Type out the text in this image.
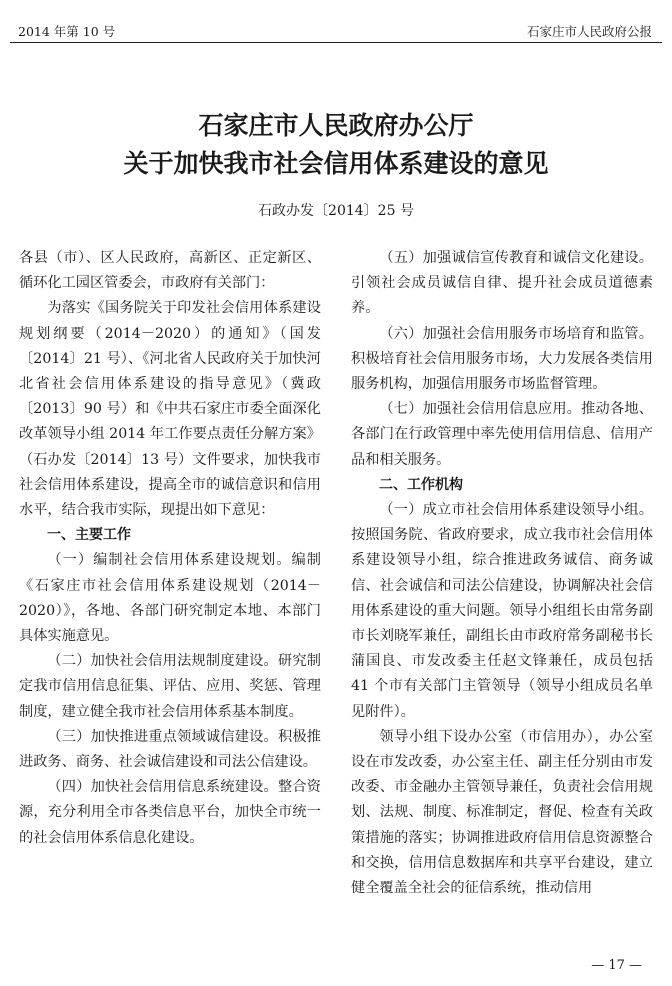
2014 年第 10 号	石家庄市人民政府公报
石家庄市人民政府办公厅
关于加快我市社会信用体系建设的意见
石政办发〔2014〕25 号

各县（市）、区人民政府，高新区、正定新区、循环化工园区管委会，市政府有关部门：

为落实《国务院关于印发社会信用体系建设规划纲要（2014－2020）的通知》（国发〔2014〕21 号）、《河北省人民政府关于加快河北省社会信用体系建设的指导意见》（冀政〔2013〕90 号）和《中共石家庄市委全面深化改革领导小组 2014 年工作要点责任分解方案》（石办发〔2014〕13 号）文件要求，加快我市社会信用体系建设，提高全市的诚信意识和信用水平，结合我市实际，现提出如下意见：

一、主要工作

（一）编制社会信用体系建设规划。编制《石家庄市社会信用体系建设规划（2014－2020）》，各地、各部门研究制定本地、本部门具体实施意见。

（二）加快社会信用法规制度建设。研究制定我市信用信息征集、评估、应用、奖惩、管理制度，建立健全我市社会信用体系基本制度。

（三）加快推进重点领域诚信建设。积极推进政务、商务、社会诚信建设和司法公信建设。

（四）加快社会信用信息系统建设。整合资源，充分利用全市各类信息平台，加快全市统一的社会信用体系信息化建设。

（五）加强诚信宣传教育和诚信文化建设。引领社会成员诚信自律、提升社会成员道德素养。

（六）加强社会信用服务市场培育和监管。积极培育社会信用服务市场，大力发展各类信用服务机构，加强信用服务市场监督管理。

（七）加强社会信用信息应用。推动各地、各部门在行政管理中率先使用信用信息、信用产品和相关服务。

二、工作机构

（一）成立市社会信用体系建设领导小组。按照国务院、省政府要求，成立我市社会信用体系建设领导小组，综合推进政务诚信、商务诚信、社会诚信和司法公信建设，协调解决社会信用体系建设的重大问题。领导小组组长由常务副市长刘晓军兼任，副组长由市政府常务副秘书长蒲国良、市发改委主任赵文锋兼任，成员包括 41 个市有关部门主管领导（领导小组成员名单见附件）。

领导小组下设办公室（市信用办），办公室设在市发改委，办公室主任、副主任分别由市发改委、市金融办主管领导兼任，负责社会信用规划、法规、制度、标准制定，督促、检查有关政策措施的落实；协调推进政府信用信息资源整合和交换，信用信息数据库和共享平台建设，建立健全覆盖全社会的征信系统，推动信用

— 17 —
